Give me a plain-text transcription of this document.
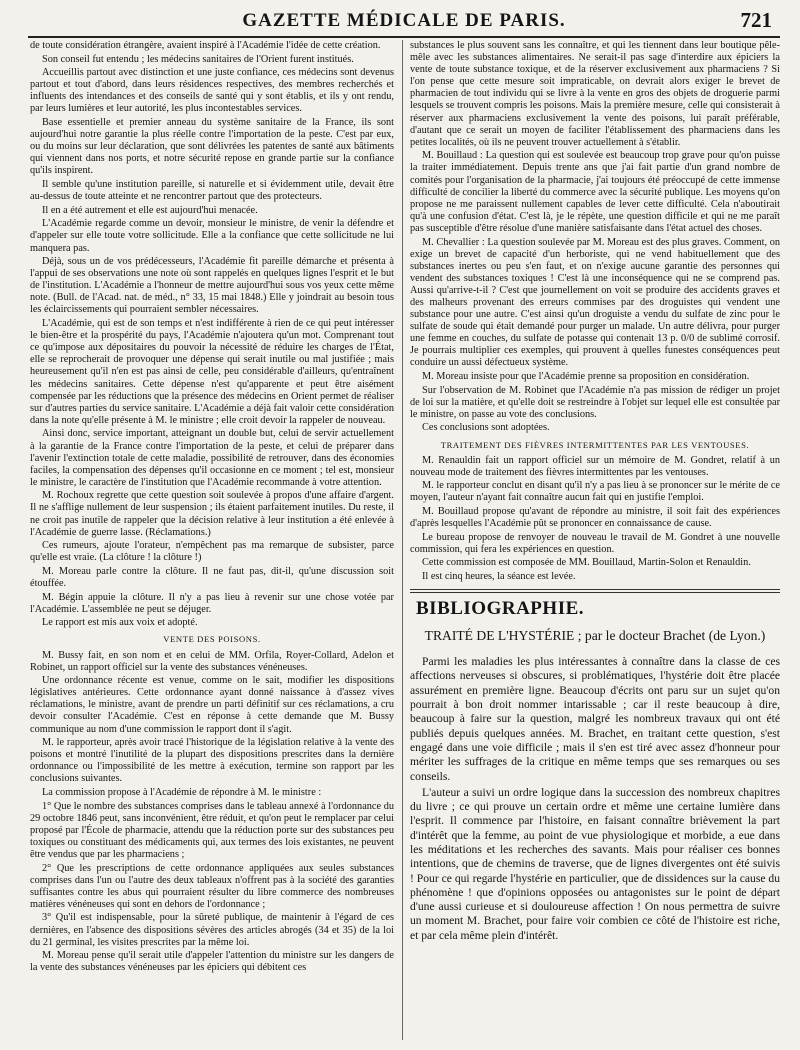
GAZETTE MÉDICALE DE PARIS.	721

de toute considération étrangère, avaient inspiré à l'Académie l'idée de cette création.

Son conseil fut entendu ; les médecins sanitaires de l'Orient furent institués.

Accueillis partout avec distinction et une juste confiance, ces médecins sont devenus partout et tout d'abord, dans leurs résidences respectives, des membres recherchés et influents des intendances et des conseils de santé qui y sont établis, et ils y ont rendu, par leurs lumières et leur autorité, les plus incontestables services.

Base essentielle et premier anneau du système sanitaire de la France, ils sont aujourd'hui notre garantie la plus réelle contre l'importation de la peste. C'est par eux, ou du moins sur leur déclaration, que sont délivrées les patentes de santé aux bâtiments qui viennent dans nos ports, et notre sécurité repose en grande partie sur la confiance qu'ils inspirent.

Il semble qu'une institution pareille, si naturelle et si évidemment utile, devait être au-dessus de toute atteinte et ne rencontrer partout que des protecteurs.

Il en a été autrement et elle est aujourd'hui menacée.

L'Académie regarde comme un devoir, monsieur le ministre, de venir la défendre et d'appeler sur elle toute votre sollicitude. Elle a la confiance que cette sollicitude ne lui manquera pas.

Déjà, sous un de vos prédécesseurs, l'Académie fit pareille démarche et présenta à l'appui de ses observations une note où sont rappelés en quelques lignes l'esprit et le but de l'institution. L'Académie a l'honneur de mettre aujourd'hui sous vos yeux cette même note. (Bull. de l'Acad. nat. de méd., n° 33, 15 mai 1848.) Elle y joindrait au besoin tous les éclaircissements qui pourraient sembler nécessaires.

L'Académie, qui est de son temps et n'est indifférente à rien de ce qui peut intéresser le bien-être et la prospérité du pays, l'Académie n'ajoutera qu'un mot. Comprenant tout ce qu'impose aux dépositaires du pouvoir la nécessité de réduire les charges de l'État, elle se reprocherait de provoquer une dépense qui serait inutile ou mal justifiée ; mais heureusement qu'il n'en est pas ainsi de celle, peu considérable d'ailleurs, qu'entraînent les médecins sanitaires. Cette dépense n'est qu'apparente et peut être aisément compensée par les réductions que la présence des médecins en Orient permet de réaliser sur d'autres parties du service sanitaire. L'Académie a déjà fait valoir cette considération dans la note qu'elle présente à M. le ministre ; elle croit devoir la rappeler de nouveau.

Ainsi donc, service important, atteignant un double but, celui de servir actuellement à la garantie de la France contre l'importation de la peste, et celui de préparer dans l'avenir l'extinction totale de cette maladie, possibilité de retrouver, dans des économies faciles, la compensation des dépenses qu'il occasionne en ce moment ; tel est, monsieur le ministre, le caractère de l'institution que l'Académie recommande à votre attention.

M. Rochoux regrette que cette question soit soulevée à propos d'une affaire d'argent. Il ne s'afflige nullement de leur suspension ; ils étaient parfaitement inutiles. Du reste, il ne croit pas inutile de rappeler que la décision relative à leur institution a été enlevée à l'Académie de guerre lasse. (Réclamations.)

Ces rumeurs, ajoute l'orateur, n'empêchent pas ma remarque de subsister, parce qu'elle est vraie. (La clôture ! la clôture !)

M. Moreau parle contre la clôture. Il ne faut pas, dit-il, qu'une discussion soit étouffée.

M. Bégin appuie la clôture. Il n'y a pas lieu à revenir sur une chose votée par l'Académie. L'assemblée ne peut se déjuger.

Le rapport est mis aux voix et adopté.

VENTE DES POISONS.

M. Bussy fait, en son nom et en celui de MM. Orfila, Royer-Collard, Adelon et Robinet, un rapport officiel sur la vente des substances vénéneuses.

Une ordonnance récente est venue, comme on le sait, modifier les dispositions législatives antérieures. Cette ordonnance ayant donné naissance à d'assez vives réclamations, le ministre, avant de prendre un parti définitif sur ces réclamations, a cru devoir consulter l'Académie. C'est en réponse à cette demande que M. Bussy communique au nom d'une commission le rapport dont il s'agit.

M. le rapporteur, après avoir tracé l'historique de la législation relative à la vente des poisons et montré l'inutilité de la plupart des dispositions prescrites dans la dernière ordonnance ou l'impossibilité de les mettre à exécution, termine son rapport par les conclusions suivantes.

La commission propose à l'Académie de répondre à M. le ministre :

1° Que le nombre des substances comprises dans le tableau annexé à l'ordonnance du 29 octobre 1846 peut, sans inconvénient, être réduit, et qu'on peut le remplacer par celui proposé par l'École de pharmacie, attendu que la réduction porte sur des substances peu toxiques ou constituant des médicaments qui, aux termes des lois existantes, ne peuvent être vendus que par les pharmaciens ;

2° Que les prescriptions de cette ordonnance appliquées aux seules substances comprises dans l'un ou l'autre des deux tableaux n'offrent pas à la société des garanties suffisantes contre les abus qui pourraient résulter du libre commerce des nombreuses matières vénéneuses qui sont en dehors de l'ordonnance ;

3° Qu'il est indispensable, pour la sûreté publique, de maintenir à l'égard de ces dernières, en l'absence des dispositions sévères des articles abrogés (34 et 35) de la loi du 21 germinal, les visites prescrites par la même loi.

M. Moreau pense qu'il serait utile d'appeler l'attention du ministre sur les dangers de la vente des substances vénéneuses par les épiciers qui débitent ces

substances le plus souvent sans les connaître, et qui les tiennent dans leur boutique pêle-mêle avec les substances alimentaires. Ne serait-il pas sage d'interdire aux épiciers la vente de toute substance toxique, et de la réserver exclusivement aux pharmaciens ? Si l'on pense que cette mesure soit impraticable, on devrait alors exiger le brevet de pharmacien de tout individu qui se livre à la vente en gros des objets de droguerie parmi lesquels se trouvent compris les poisons. Mais la première mesure, celle qui consisterait à réserver aux pharmaciens exclusivement la vente des poisons, lui paraît préférable, d'autant que ce serait un moyen de faciliter l'établissement des pharmaciens dans les petites localités, où ils ne peuvent trouver actuellement à s'établir.

M. Bouillaud : La question qui est soulevée est beaucoup trop grave pour qu'on puisse la traiter immédiatement. Depuis trente ans que j'ai fait partie d'un grand nombre de comités pour l'organisation de la pharmacie, j'ai toujours été préoccupé de cette immense difficulté de concilier la liberté du commerce avec la sécurité publique. Les moyens qu'on propose ne me paraissent nullement capables de lever cette difficulté. Cela n'aboutirait qu'à une confusion d'état. C'est là, je le répète, une question difficile et qui ne me paraît pas susceptible d'être résolue d'une manière satisfaisante dans l'état actuel des choses.

M. Chevallier : La question soulevée par M. Moreau est des plus graves. Comment, on exige un brevet de capacité d'un herboriste, qui ne vend habituellement que des substances inertes ou peu s'en faut, et on n'exige aucune garantie des personnes qui vendent des substances toxiques ! C'est là une inconséquence qui ne se comprend pas. Aussi qu'arrive-t-il ? C'est que journellement on voit se produire des accidents graves et des malheurs provenant des erreurs commises par des droguistes qui vendent une substance pour une autre. C'est ainsi qu'un droguiste a vendu du sulfate de zinc pour le sulfate de soude qui était demandé pour purger un malade. Un autre délivra, pour purger une femme en couches, du sulfate de potasse qui contenait 13 p. 0/0 de sublimé corrosif. Je pourrais multiplier ces exemples, qui prouvent à quelles funestes conséquences peut conduire un aussi défectueux système.

M. Moreau insiste pour que l'Académie prenne sa proposition en considération.

Sur l'observation de M. Robinet que l'Académie n'a pas mission de rédiger un projet de loi sur la matière, et qu'elle doit se restreindre à l'objet sur lequel elle est consultée par le ministre, on passe au vote des conclusions.

Ces conclusions sont adoptées.

TRAITEMENT DES FIÈVRES INTERMITTENTES PAR LES VENTOUSES.

M. Renauldin fait un rapport officiel sur un mémoire de M. Gondret, relatif à un nouveau mode de traitement des fièvres intermittentes par les ventouses.

M. le rapporteur conclut en disant qu'il n'y a pas lieu à se prononcer sur le mérite de ce moyen, l'auteur n'ayant fait connaître aucun fait qui en justifie l'emploi.

M. Bouillaud propose qu'avant de répondre au ministre, il soit fait des expériences d'après lesquelles l'Académie pût se prononcer en connaissance de cause.

Le bureau propose de renvoyer de nouveau le travail de M. Gondret à une nouvelle commission, qui fera les expériences en question.

Cette commission est composée de MM. Bouillaud, Martin-Solon et Renauldin.

Il est cinq heures, la séance est levée.

BIBLIOGRAPHIE.
TRAITÉ DE L'HYSTÉRIE ; par le docteur Brachet (de Lyon.)

Parmi les maladies les plus intéressantes à connaître dans la classe de ces affections nerveuses si obscures, si problématiques, l'hystérie doit être placée assurément en première ligne. Beaucoup d'écrits ont paru sur un sujet qu'on pourrait à bon droit nommer intarissable ; car il reste beaucoup à dire, beaucoup à faire sur la question, malgré les nombreux travaux qui ont été publiés depuis quelques années. M. Brachet, en traitant cette question, s'est engagé dans une voie difficile ; mais il s'en est tiré avec assez d'honneur pour mériter les suffrages de la critique en même temps que ses remarques ou ses conseils.

L'auteur a suivi un ordre logique dans la succession des nombreux chapitres du livre ; ce qui prouve un certain ordre et même une certaine lumière dans l'esprit. Il commence par l'histoire, en faisant connaître brièvement la part d'intérêt que la femme, au point de vue physiologique et morbide, a eue dans les méditations et les recherches des savants. Mais pour réaliser ces bonnes intentions, que de chemins de traverse, que de lignes divergentes ont été suivis ! Pour ce qui regarde l'hystérie en particulier, que de dissidences sur la cause du phénomène ! que d'opinions opposées ou antagonistes sur le point de départ d'une aussi curieuse et si douloureuse affection ! On nous permettra de suivre un moment M. Brachet, pour faire voir combien ce côté de l'histoire est riche, et par cela même plein d'intérêt.
